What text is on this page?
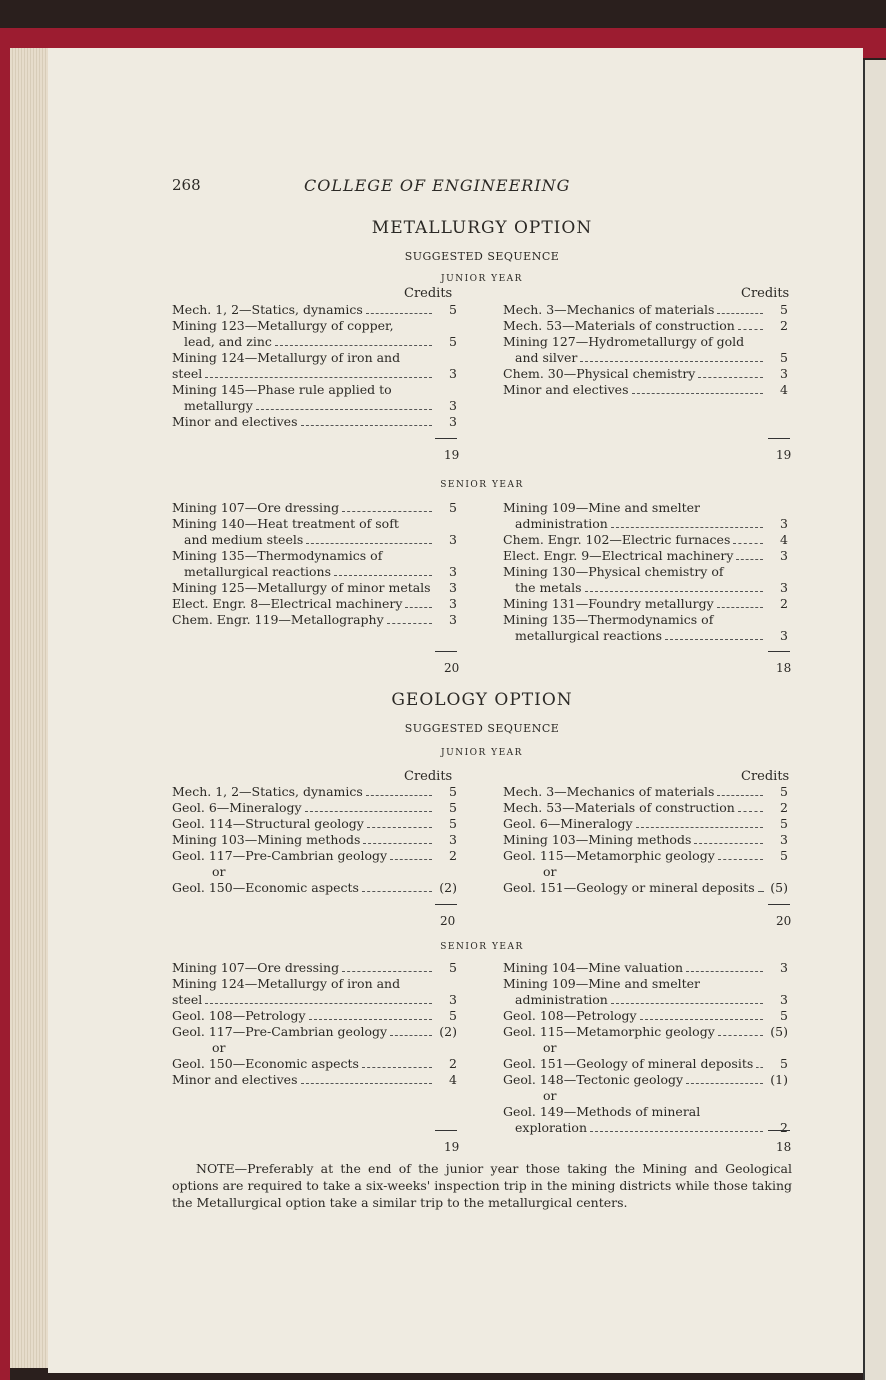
268	COLLEGE OF ENGINEERING
METALLURGY OPTION
SUGGESTED SEQUENCE
JUNIOR YEAR
Credits	Credits
Mech. 1, 2—Statics, dynamics	5
Mining 123—Metallurgy of copper,
lead, and zinc	5
Mining 124—Metallurgy of iron and
steel	3
Mining 145—Phase rule applied to
metallurgy	3
Minor and electives	3
Mech. 3—Mechanics of materials	5
Mech. 53—Materials of construction	2
Mining 127—Hydrometallurgy of gold
and silver	5
Chem. 30—Physical chemistry	3
Minor and electives	4
19	19
SENIOR YEAR
Mining 107—Ore dressing	5
Mining 140—Heat treatment of soft
and medium steels	3
Mining 135—Thermodynamics of
metallurgical reactions	3
Mining 125—Metallurgy of minor metals	3
Elect. Engr. 8—Electrical machinery	3
Chem. Engr. 119—Metallography	3
Mining 109—Mine and smelter
administration	3
Chem. Engr. 102—Electric furnaces	4
Elect. Engr. 9—Electrical machinery	3
Mining 130—Physical chemistry of
the metals	3
Mining 131—Foundry metallurgy	2
Mining 135—Thermodynamics of
metallurgical reactions	3
20	18
GEOLOGY OPTION
SUGGESTED SEQUENCE
JUNIOR YEAR
Credits	Credits
Mech. 1, 2—Statics, dynamics	5
Geol. 6—Mineralogy	5
Geol. 114—Structural geology	5
Mining 103—Mining methods	3
Geol. 117—Pre-Cambrian geology	2
or
Geol. 150—Economic aspects	(2)
Mech. 3—Mechanics of materials	5
Mech. 53—Materials of construction	2
Geol. 6—Mineralogy	5
Mining 103—Mining methods	3
Geol. 115—Metamorphic geology	5
or
Geol. 151—Geology or mineral deposits (5)
20	20
SENIOR YEAR
Mining 107—Ore dressing	5
Mining 124—Metallurgy of iron and
steel	3
Geol. 108—Petrology	5
Geol. 117—Pre-Cambrian geology	(2)
or
Geol. 150—Economic aspects	2
Minor and electives	4
Mining 104—Mine valuation	3
Mining 109—Mine and smelter
administration	3
Geol. 108—Petrology	5
Geol. 115—Metamorphic geology	(5)
or
Geol. 151—Geology of mineral deposits	5
Geol. 148—Tectonic geology	(1)
or
Geol. 149—Methods of mineral
exploration	2
19	18
NOTE—Preferably at the end of the junior year those taking the Mining and Geological options are required to take a six-weeks' inspection trip in the mining districts while those taking the Metallurgical option take a similar trip to the metallurgical centers.
